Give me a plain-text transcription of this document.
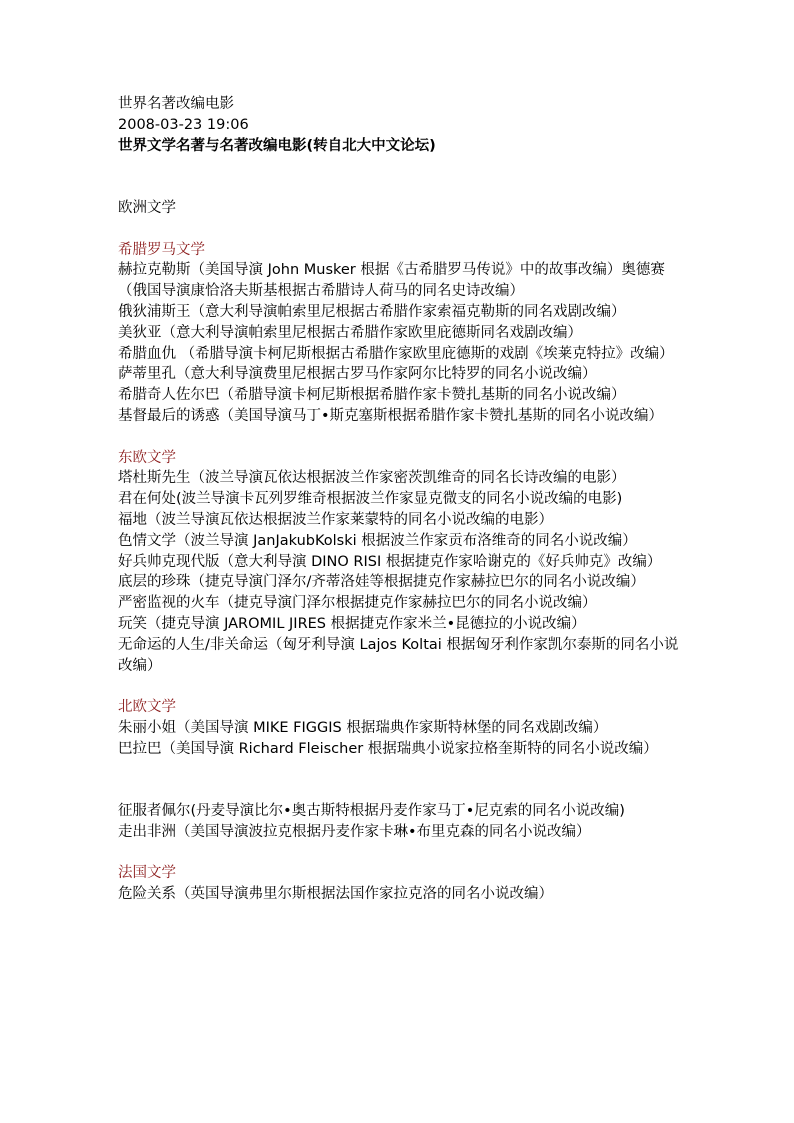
世界名著改编电影
2008-03-23 19:06
世界文学名著与名著改编电影(转自北大中文论坛)
欧洲文学
希腊罗马文学
赫拉克勒斯（美国导演 John Musker 根据《古希腊罗马传说》中的故事改编）奥德赛（俄国导演康恰洛夫斯基根据古希腊诗人荷马的同名史诗改编）
俄狄浦斯王（意大利导演帕索里尼根据古希腊作家索福克勒斯的同名戏剧改编）
美狄亚（意大利导演帕索里尼根据古希腊作家欧里庇德斯同名戏剧改编）
希腊血仇 （希腊导演卡柯尼斯根据古希腊作家欧里庇德斯的戏剧《埃莱克特拉》改编）
萨蒂里孔（意大利导演费里尼根据古罗马作家阿尔比特罗的同名小说改编）
希腊奇人佐尔巴（希腊导演卡柯尼斯根据希腊作家卡赞扎基斯的同名小说改编）
基督最后的诱惑（美国导演马丁•斯克塞斯根据希腊作家卡赞扎基斯的同名小说改编）
东欧文学
塔杜斯先生（波兰导演瓦依达根据波兰作家密茨凯维奇的同名长诗改编的电影）
君在何处(波兰导演卡瓦列罗维奇根据波兰作家显克微支的同名小说改编的电影)
福地（波兰导演瓦依达根据波兰作家莱蒙特的同名小说改编的电影）
色情文学（波兰导演 JanJakubKolski 根据波兰作家贡布洛维奇的同名小说改编）
好兵帅克现代版（意大利导演 DINO RISI 根据捷克作家哈谢克的《好兵帅克》改编）
底层的珍珠（捷克导演门泽尔/齐蒂洛娃等根据捷克作家赫拉巴尔的同名小说改编）
严密监视的火车（捷克导演门泽尔根据捷克作家赫拉巴尔的同名小说改编）
玩笑（捷克导演 JAROMIL JIRES 根据捷克作家米兰•昆德拉的小说改编）
无命运的人生/非关命运（匈牙利导演 Lajos Koltai 根据匈牙利作家凯尔泰斯的同名小说改编）
北欧文学
朱丽小姐（美国导演 MIKE FIGGIS 根据瑞典作家斯特林堡的同名戏剧改编）
巴拉巴（美国导演 Richard Fleischer 根据瑞典小说家拉格奎斯特的同名小说改编）
征服者佩尔(丹麦导演比尔•奥古斯特根据丹麦作家马丁•尼克索的同名小说改编)
走出非洲（美国导演波拉克根据丹麦作家卡琳•布里克森的同名小说改编）
法国文学
危险关系（英国导演弗里尔斯根据法国作家拉克洛的同名小说改编）
